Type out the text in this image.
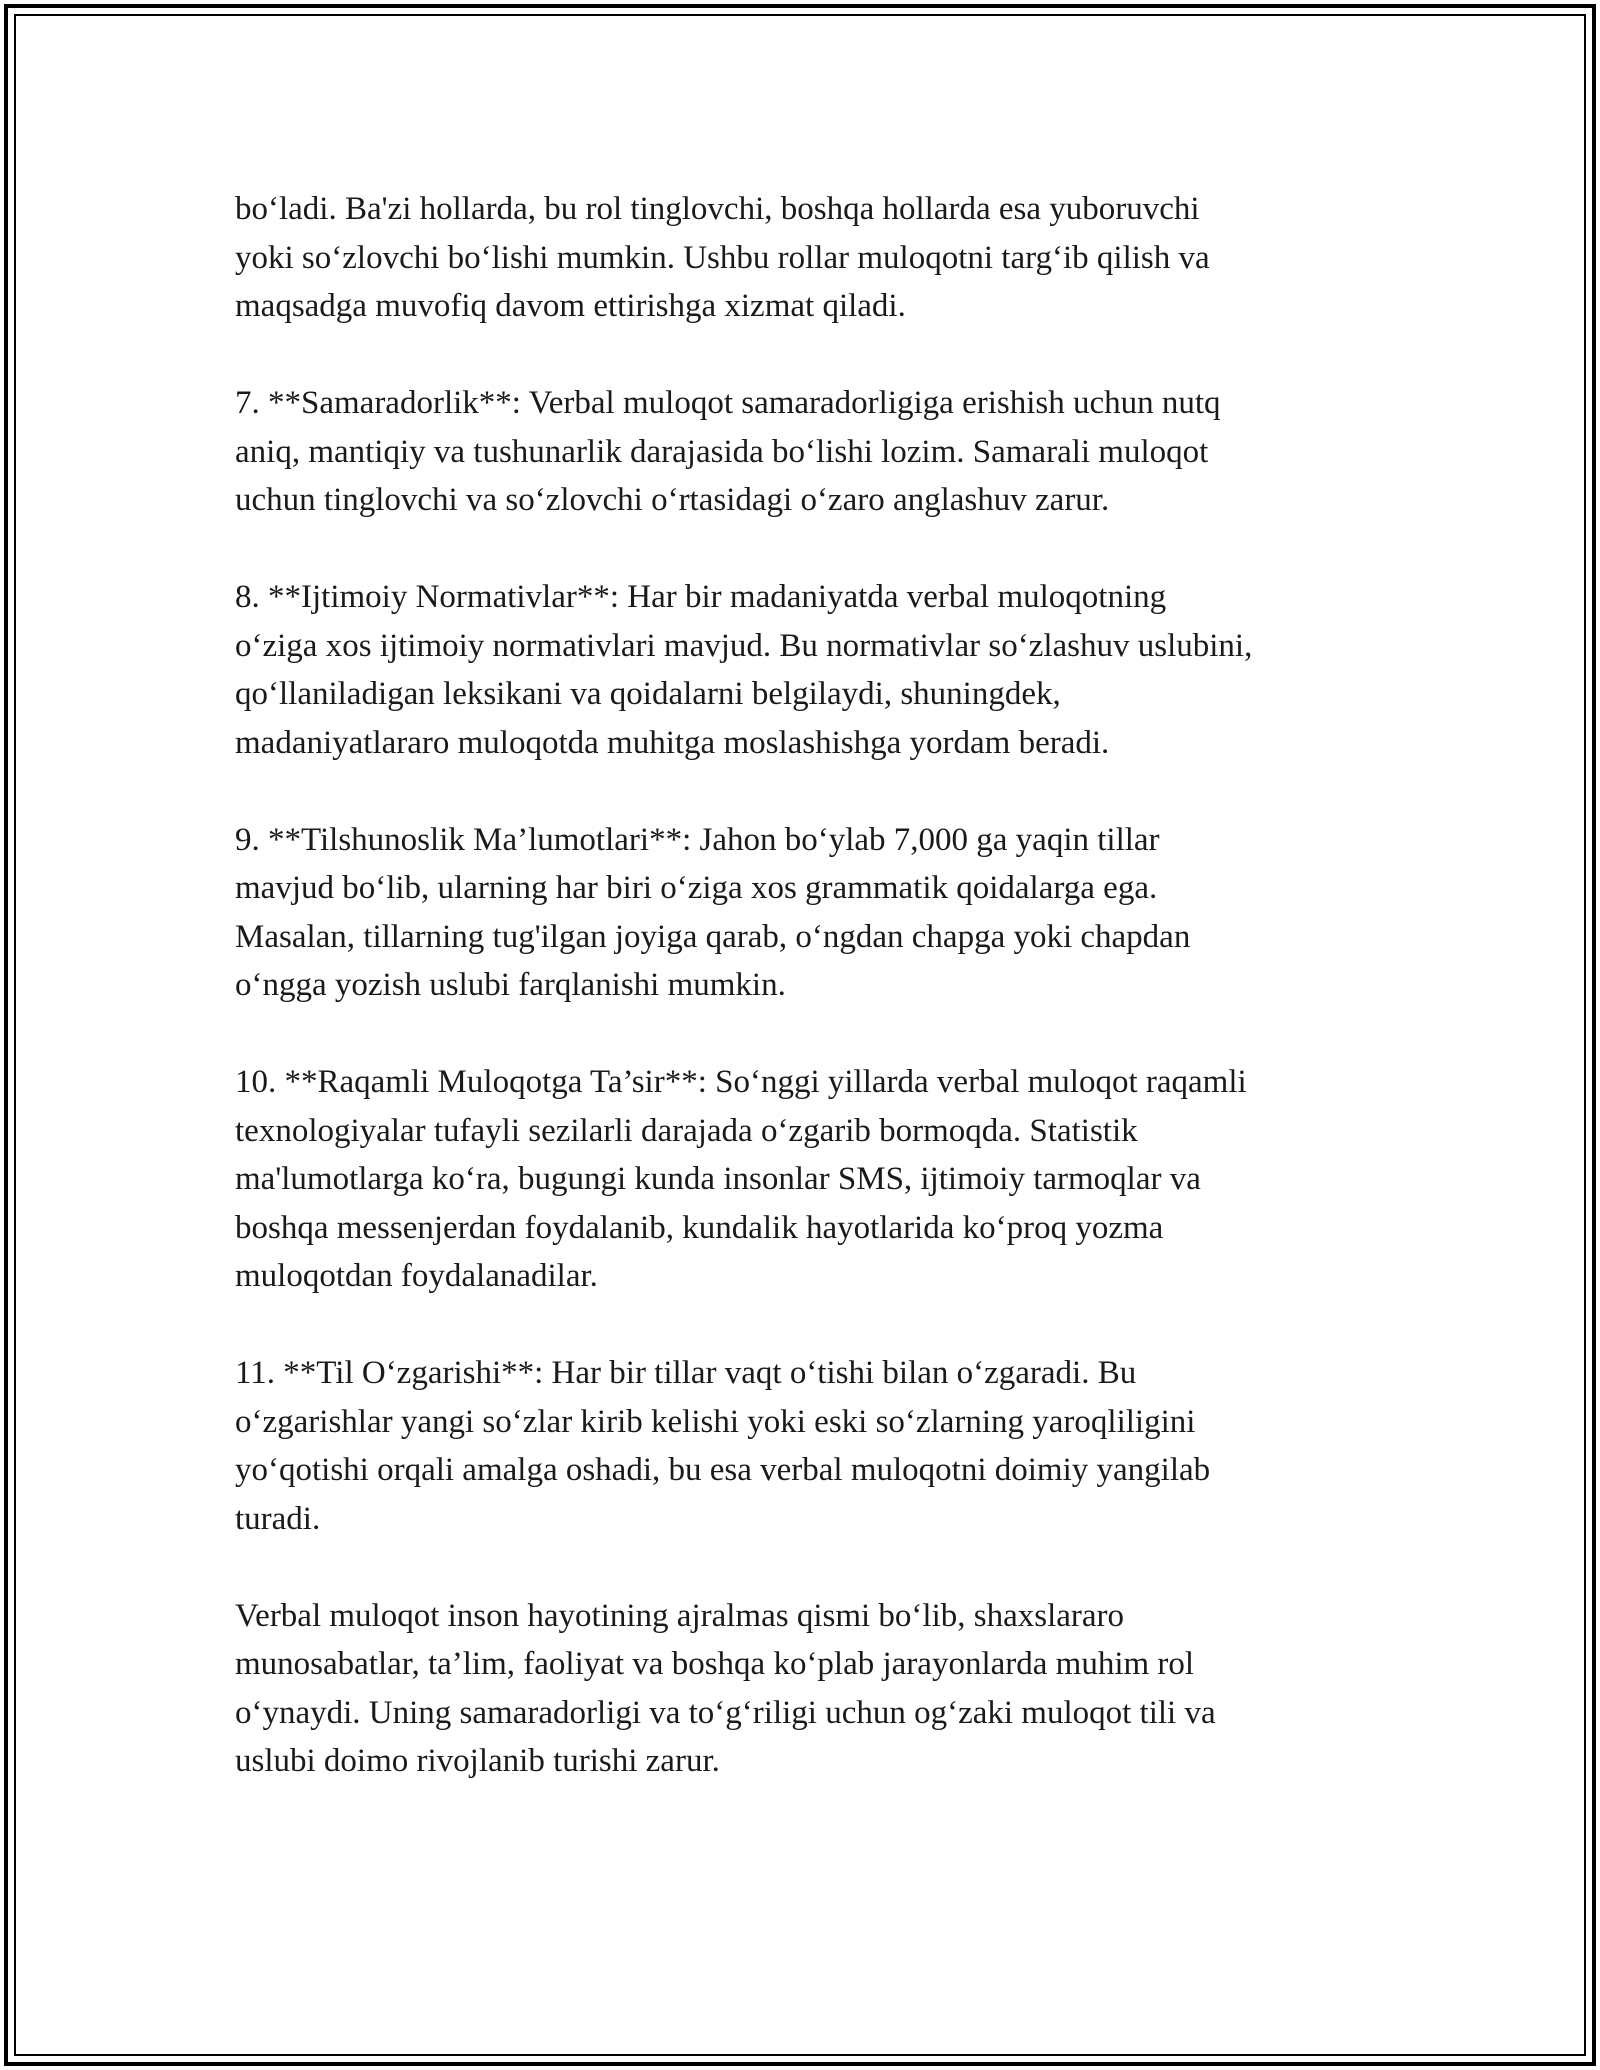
bo‘ladi. Ba'zi hollarda, bu rol tinglovchi, boshqa hollarda esa yuboruvchi
yoki so‘zlovchi bo‘lishi mumkin. Ushbu rollar muloqotni targ‘ib qilish va
maqsadga muvofiq davom ettirishga xizmat qiladi.

7. **Samaradorlik**: Verbal muloqot samaradorligiga erishish uchun nutq
aniq, mantiqiy va tushunarlik darajasida bo‘lishi lozim. Samarali muloqot
uchun tinglovchi va so‘zlovchi o‘rtasidagi o‘zaro anglashuv zarur.

8. **Ijtimoiy Normativlar**: Har bir madaniyatda verbal muloqotning
o‘ziga xos ijtimoiy normativlari mavjud. Bu normativlar so‘zlashuv uslubini,
qo‘llaniladigan leksikani va qoidalarni belgilaydi, shuningdek,
madaniyatlararo muloqotda muhitga moslashishga yordam beradi.

9. **Tilshunoslik Ma’lumotlari**: Jahon bo‘ylab 7,000 ga yaqin tillar
mavjud bo‘lib, ularning har biri o‘ziga xos grammatik qoidalarga ega.
Masalan, tillarning tug'ilgan joyiga qarab, o‘ngdan chapga yoki chapdan
o‘ngga yozish uslubi farqlanishi mumkin.

10. **Raqamli Muloqotga Ta’sir**: So‘nggi yillarda verbal muloqot raqamli
texnologiyalar tufayli sezilarli darajada o‘zgarib bormoqda. Statistik
ma'lumotlarga ko‘ra, bugungi kunda insonlar SMS, ijtimoiy tarmoqlar va
boshqa messenjerdan foydalanib, kundalik hayotlarida ko‘proq yozma
muloqotdan foydalanadilar.

11. **Til O‘zgarishi**: Har bir tillar vaqt o‘tishi bilan o‘zgaradi. Bu
o‘zgarishlar yangi so‘zlar kirib kelishi yoki eski so‘zlarning yaroqliligini
yo‘qotishi orqali amalga oshadi, bu esa verbal muloqotni doimiy yangilab
turadi.

Verbal muloqot inson hayotining ajralmas qismi bo‘lib, shaxslararo
munosabatlar, ta’lim, faoliyat va boshqa ko‘plab jarayonlarda muhim rol
o‘ynaydi. Uning samaradorligi va to‘g‘riligi uchun og‘zaki muloqot tili va
uslubi doimo rivojlanib turishi zarur.
